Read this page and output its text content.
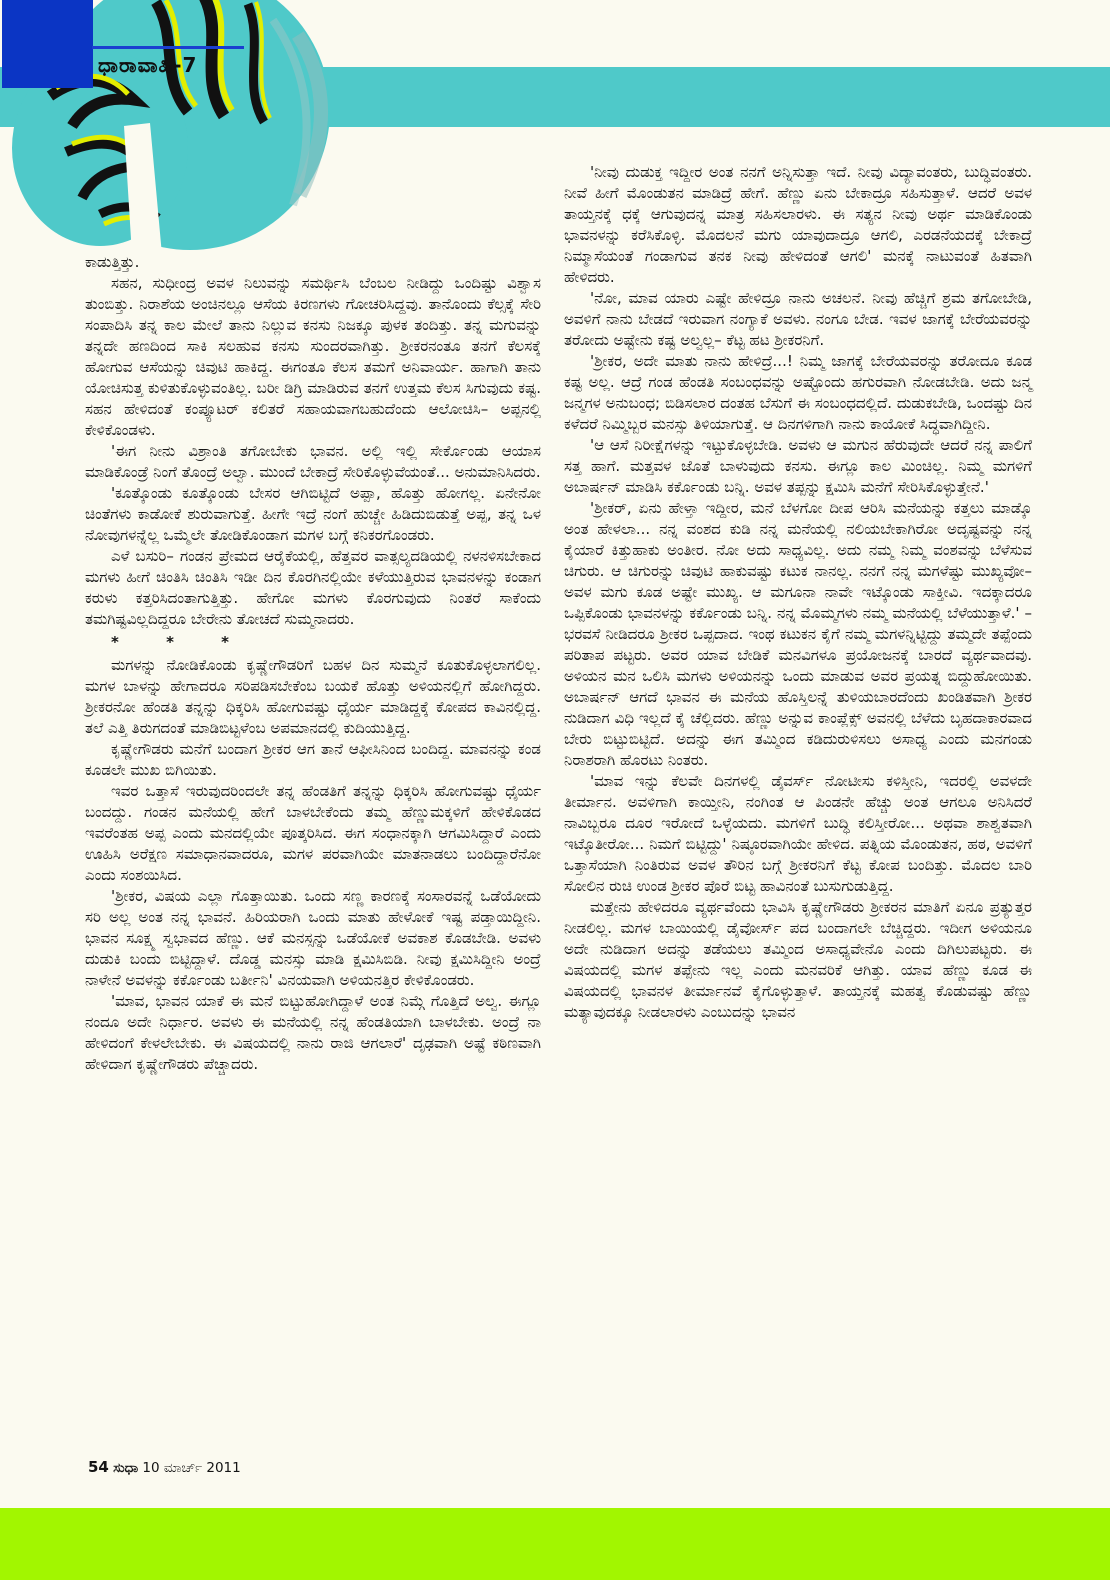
ಧಾರಾವಾಹಿ-7

ಕಾಡುತ್ತಿತ್ತು.

ಸಹನ, ಸುಧೀಂದ್ರ ಅವಳ ನಿಲುವನ್ನು ಸಮರ್ಥಿಸಿ ಬೆಂಬಲ ನೀಡಿದ್ದು ಒಂದಿಷ್ಟು ವಿಶ್ವಾಸ ತುಂಬಿತ್ತು. ನಿರಾಶೆಯ ಅಂಚಿನಲ್ಲೂ ಆಸೆಯ ಕಿರಣಗಳು ಗೋಚರಿಸಿದ್ದವು. ತಾನೊಂದು ಕೆಲ್ಸಕ್ಕೆ ಸೇರಿ ಸಂಪಾದಿಸಿ ತನ್ನ ಕಾಲ ಮೇಲೆ ತಾನು ನಿಲ್ಲುವ ಕನಸು ನಿಜಕ್ಕೂ ಪುಳಕ ತಂದಿತ್ತು. ತನ್ನ ಮಗುವನ್ನು ತನ್ನದೇ ಹಣದಿಂದ ಸಾಕಿ ಸಲಹುವ ಕನಸು ಸುಂದರವಾಗಿತ್ತು. ಶ್ರೀಕರನಂತೂ ತನಗೆ ಕೆಲಸಕ್ಕೆ ಹೋಗುವ ಆಸೆಯನ್ನು ಚಿವುಟಿ ಹಾಕಿದ್ದ. ಈಗಂತೂ ಕೆಲಸ ತಮಗೆ ಅನಿವಾರ್ಯ. ಹಾಗಾಗಿ ತಾನು ಯೋಚಿಸುತ್ತ ಕುಳಿತುಕೊಳ್ಳುವಂತಿಲ್ಲ. ಬರೀ ಡಿಗ್ರಿ ಮಾಡಿರುವ ತನಗೆ ಉತ್ತಮ ಕೆಲಸ ಸಿಗುವುದು ಕಷ್ಟ. ಸಹನ ಹೇಳಿದಂತೆ ಕಂಪ್ಯೂಟರ್ ಕಲಿತರೆ ಸಹಾಯವಾಗಬಹುದೆಂದು ಆಲೋಚಿಸಿ– ಅಪ್ಪನಲ್ಲಿ ಕೇಳಿಕೊಂಡಳು.

'ಈಗ ನೀನು ವಿಶ್ರಾಂತಿ ತಗೋಬೇಕು ಭಾವನ. ಅಲ್ಲಿ ಇಲ್ಲಿ ಸೇರ್ಕೊಂಡು ಆಯಾಸ ಮಾಡಿಕೊಂಡ್ರೆ ನಿಂಗೆ ತೊಂದ್ರೆ ಅಲ್ವಾ. ಮುಂದೆ ಬೇಕಾದ್ರೆ ಸೇರಿಕೊಳ್ಳುವೆಯಂತೆ... ಅನುಮಾನಿಸಿದರು.

'ಕೂತ್ಕೊಂಡು ಕೂತ್ಕೊಂಡು ಬೇಸರ ಆಗಿಬಿಟ್ಟಿದೆ ಅಪ್ಪಾ, ಹೊತ್ತು ಹೋಗಲ್ಲ. ಏನೇನೋ ಚಿಂತೆಗಳು ಕಾಡೋಕೆ ಶುರುವಾಗುತ್ತೆ. ಹೀಗೇ ಇದ್ರೆ ನಂಗೆ ಹುಚ್ಚೇ ಹಿಡಿದುಬಿಡುತ್ತೆ ಅಪ್ಪ, ತನ್ನ ಒಳ ನೋವುಗಳನ್ನೆಲ್ಲ ಒಮ್ಮೆಲೇ ತೋಡಿಕೊಂಡಾಗ ಮಗಳ ಬಗ್ಗೆ ಕನಿಕರಗೊಂಡರು.

ಎಳೆ ಬಸುರಿ– ಗಂಡನ ಪ್ರೇಮದ ಆರೈಕೆಯಲ್ಲಿ, ಹೆತ್ತವರ ವಾತ್ಸಲ್ಯದಡಿಯಲ್ಲಿ ನಳನಳಿಸಬೇಕಾದ ಮಗಳು ಹೀಗೆ ಚಿಂತಿಸಿ ಚಿಂತಿಸಿ ಇಡೀ ದಿನ ಕೊರಗಿನಲ್ಲಿಯೇ ಕಳೆಯುತ್ತಿರುವ ಭಾವನಳನ್ನು ಕಂಡಾಗ ಕರುಳು ಕತ್ತರಿಸಿದಂತಾಗುತ್ತಿತ್ತು. ಹೇಗೋ ಮಗಳು ಕೊರಗುವುದು ನಿಂತರೆ ಸಾಕೆಂದು ತಮಗಿಷ್ಟವಿಲ್ಲದಿದ್ದರೂ ಬೇರೇನು ತೋಚದೆ ಸುಮ್ಮನಾದರು.

* * *

ಮಗಳನ್ನು ನೋಡಿಕೊಂಡು ಕೃಷ್ಣೇಗೌಡರಿಗೆ ಬಹಳ ದಿನ ಸುಮ್ಮನೆ ಕೂತುಕೊಳ್ಳಲಾಗಲಿಲ್ಲ. ಮಗಳ ಬಾಳನ್ನು ಹೇಗಾದರೂ ಸರಿಪಡಿಸಬೇಕೆಂಬ ಬಯಕೆ ಹೊತ್ತು ಅಳಿಯನಲ್ಲಿಗೆ ಹೋಗಿದ್ದರು. ಶ್ರೀಕರನೋ ಹೆಂಡತಿ ತನ್ನನ್ನು ಧಿಕ್ಕರಿಸಿ ಹೋಗುವಷ್ಟು ಧೈರ್ಯ ಮಾಡಿದ್ದಕ್ಕೆ ಕೋಪದ ಕಾವಿನಲ್ಲಿದ್ದ. ತಲೆ ಎತ್ತಿ ತಿರುಗದಂತೆ ಮಾಡಿಬಿಟ್ಟಳೆಂಬ ಅಪಮಾನದಲ್ಲಿ ಕುದಿಯುತ್ತಿದ್ದ.

ಕೃಷ್ಣೇಗೌಡರು ಮನೆಗೆ ಬಂದಾಗ ಶ್ರೀಕರ ಆಗ ತಾನೆ ಆಫೀಸಿನಿಂದ ಬಂದಿದ್ದ. ಮಾವನನ್ನು ಕಂಡ ಕೂಡಲೇ ಮುಖ ಬಿಗಿಯಿತು.

ಇವರ ಒತ್ತಾಸೆ ಇರುವುದರಿಂದಲೇ ತನ್ನ ಹೆಂಡತಿಗೆ ತನ್ನನ್ನು ಧಿಕ್ಕರಿಸಿ ಹೋಗುವಷ್ಟು ಧೈರ್ಯ ಬಂದದ್ದು. ಗಂಡನ ಮನೆಯಲ್ಲಿ ಹೇಗೆ ಬಾಳಬೇಕೆಂದು ತಮ್ಮ ಹೆಣ್ಣುಮಕ್ಕಳಿಗೆ ಹೇಳಿಕೊಡದ ಇವರೆಂತಹ ಅಪ್ಪ ಎಂದು ಮನದಲ್ಲಿಯೇ ಪೂತ್ಕರಿಸಿದ. ಈಗ ಸಂಧಾನಕ್ಕಾಗಿ ಆಗಮಿಸಿದ್ದಾರೆ ಎಂದು ಊಹಿಸಿ ಅರೆಕ್ಷಣ ಸಮಾಧಾನವಾದರೂ, ಮಗಳ ಪರವಾಗಿಯೇ ಮಾತನಾಡಲು ಬಂದಿದ್ದಾರೆನೋ ಎಂದು ಸಂಶಯಿಸಿದ.

'ಶ್ರೀಕರ, ವಿಷಯ ಎಲ್ಲಾ ಗೊತ್ತಾಯಿತು. ಒಂದು ಸಣ್ಣ ಕಾರಣಕ್ಕೆ ಸಂಸಾರವನ್ನೆ ಒಡೆಯೋದು ಸರಿ ಅಲ್ಲ ಅಂತ ನನ್ನ ಭಾವನೆ. ಹಿರಿಯರಾಗಿ ಒಂದು ಮಾತು ಹೇಳೋಕೆ ಇಷ್ಟ ಪಡ್ತಾಯಿದ್ದೀನಿ. ಭಾವನ ಸೂಕ್ಷ್ಮ ಸ್ವಭಾವದ ಹೆಣ್ಣು. ಆಕೆ ಮನಸ್ಸನ್ನು ಒಡೆಯೋಕೆ ಅವಕಾಶ ಕೊಡಬೇಡಿ. ಅವಳು ದುಡುಕಿ ಬಂದು ಬಿಟ್ಟಿದ್ದಾಳೆ. ದೊಡ್ಡ ಮನಸ್ಸು ಮಾಡಿ ಕ್ಷಮಿಸಿಬಿಡಿ. ನೀವು ಕ್ಷಮಿಸಿದ್ದೀನಿ ಅಂದ್ರೆ ನಾಳೇನೆ ಅವಳನ್ನು ಕರ್ಕೊಂಡು ಬರ್ತೀನಿ' ವಿನಯವಾಗಿ ಅಳಿಯನತ್ತಿರ ಕೇಳಿಕೊಂಡರು.

'ಮಾವ, ಭಾವನ ಯಾಕೆ ಈ ಮನೆ ಬಿಟ್ಟುಹೋಗಿದ್ದಾಳೆ ಅಂತ ನಿಮ್ಗೆ ಗೊತ್ತಿದೆ ಅಲ್ವ. ಈಗ್ಲೂ ನಂದೂ ಅದೇ ನಿರ್ಧಾರ. ಅವಳು ಈ ಮನೆಯಲ್ಲಿ ನನ್ನ ಹೆಂಡತಿಯಾಗಿ ಬಾಳಬೇಕು. ಅಂದ್ರೆ ನಾ ಹೇಳಿದಂಗೆ ಕೇಳಲೇಬೇಕು. ಈ ವಿಷಯದಲ್ಲಿ ನಾನು ರಾಜಿ ಆಗಲಾರೆ' ದೃಢವಾಗಿ ಅಷ್ಟೆ ಕಠಿಣವಾಗಿ ಹೇಳಿದಾಗ ಕೃಷ್ಣೇಗೌಡರು ಪೆಚ್ಚಾದರು.

'ನೀವು ದುಡುಕ್ತ ಇದ್ದೀರ ಅಂತ ನನಗೆ ಅನ್ನಿಸುತ್ತಾ ಇದೆ. ನೀವು ವಿದ್ಯಾವಂತರು, ಬುದ್ಧಿವಂತರು. ನೀವೆ ಹೀಗೆ ಮೊಂಡುತನ ಮಾಡಿದ್ರೆ ಹೇಗೆ. ಹೆಣ್ಣು ಏನು ಬೇಕಾದ್ರೂ ಸಹಿಸುತ್ತಾಳೆ. ಆದರೆ ಅವಳ ತಾಯ್ತನಕ್ಕೆ ಧಕ್ಕೆ ಆಗುವುದನ್ನ ಮಾತ್ರ ಸಹಿಸಲಾರಳು. ಈ ಸತ್ಯನ ನೀವು ಅರ್ಥ ಮಾಡಿಕೊಂಡು ಭಾವನಳನ್ನು ಕರೆಸಿಕೊಳ್ಳಿ. ಮೊದಲನೆ ಮಗು ಯಾವುದಾದ್ರೂ ಆಗಲಿ, ಎರಡನೆಯದಕ್ಕೆ ಬೇಕಾದ್ರೆ ನಿಮ್ಮಾಸೆಯಂತೆ ಗಂಡಾಗುವ ತನಕ ನೀವು ಹೇಳಿದಂತೆ ಆಗಲಿ' ಮನಕ್ಕೆ ನಾಟುವಂತೆ ಹಿತವಾಗಿ ಹೇಳಿದರು.

'ನೋ, ಮಾವ ಯಾರು ಎಷ್ಟೇ ಹೇಳಿದ್ರೂ ನಾನು ಅಚಲನೆ. ನೀವು ಹೆಚ್ಚಿಗೆ ಶ್ರಮ ತಗೋಬೇಡಿ, ಅವಳಿಗೆ ನಾನು ಬೇಡದೆ ಇರುವಾಗ ನಂಗ್ಯಾಕೆ ಅವಳು. ನಂಗೂ ಬೇಡ. ಇವಳ ಜಾಗಕ್ಕೆ ಬೇರೆಯವರನ್ನು ತರೋದು ಅಷ್ಟೇನು ಕಷ್ಟ ಅಲ್ವಲ್ಲ– ಕೆಟ್ಟ ಹಟ ಶ್ರೀಕರನಿಗೆ.

'ಶ್ರೀಕರ, ಅದೇ ಮಾತು ನಾನು ಹೇಳಿದ್ರೆ...! ನಿಮ್ಮ ಜಾಗಕ್ಕೆ ಬೇರೆಯವರನ್ನು ತರೋದೂ ಕೂಡ ಕಷ್ಟ ಅಲ್ಲ. ಆದ್ರೆ ಗಂಡ ಹೆಂಡತಿ ಸಂಬಂಧವನ್ನು ಅಷ್ಟೊಂದು ಹಗುರವಾಗಿ ನೋಡಬೇಡಿ. ಅದು ಜನ್ಮ ಜನ್ಮಗಳ ಅನುಬಂಧ; ಬಿಡಿಸಲಾರ ದಂತಹ ಬೆಸುಗೆ ಈ ಸಂಬಂಧದಲ್ಲಿದೆ. ದುಡುಕಬೇಡಿ, ಒಂದಷ್ಟು ದಿನ ಕಳೆದರೆ ನಿಮ್ಮಿಬ್ಬರ ಮನಸ್ಸು ತಿಳಿಯಾಗುತ್ತೆ. ಆ ದಿನಗಳಿಗಾಗಿ ನಾನು ಕಾಯೋಕೆ ಸಿದ್ಧವಾಗಿದ್ದೀನಿ.

'ಆ ಆಸೆ ನಿರೀಕ್ಷೆಗಳನ್ನು ಇಟ್ಟುಕೊಳ್ಳಬೇಡಿ. ಅವಳು ಆ ಮಗುನ ಹೆರುವುದೇ ಆದರೆ ನನ್ನ ಪಾಲಿಗೆ ಸತ್ತ ಹಾಗೆ. ಮತ್ತವಳ ಜೊತೆ ಬಾಳುವುದು ಕನಸು. ಈಗ್ಲೂ ಕಾಲ ಮಿಂಚಿಲ್ಲ. ನಿಮ್ಮ ಮಗಳಿಗೆ ಅಬಾರ್ಷನ್ ಮಾಡಿಸಿ ಕರ್ಕೊಂಡು ಬನ್ನಿ. ಅವಳ ತಪ್ಪನ್ನು ಕ್ಷಮಿಸಿ ಮನೆಗೆ ಸೇರಿಸಿಕೊಳ್ಳುತ್ತೇನೆ.'

'ಶ್ರೀಕರ್, ಏನು ಹೇಳ್ತಾ ಇದ್ದೀರ, ಮನೆ ಬೆಳಗೋ ದೀಪ ಆರಿಸಿ ಮನೆಯನ್ನು ಕತ್ತಲು ಮಾಡ್ಕೊ ಅಂತ ಹೇಳಲಾ... ನನ್ನ ವಂಶದ ಕುಡಿ ನನ್ನ ಮನೆಯಲ್ಲಿ ನಲಿಯಬೇಕಾಗಿರೋ ಅದೃಷ್ಟವನ್ನು ನನ್ನ ಕೈಯಾರೆ ಕಿತ್ತುಹಾಕು ಅಂತೀರ. ನೋ ಅದು ಸಾಧ್ಯವಿಲ್ಲ. ಅದು ನಮ್ಮ ನಿಮ್ಮ ವಂಶವನ್ನು ಬೆಳೆಸುವ ಚಿಗುರು. ಆ ಚಿಗುರನ್ನು ಚಿವುಟಿ ಹಾಕುವಷ್ಟು ಕಟುಕ ನಾನಲ್ಲ. ನನಗೆ ನನ್ನ ಮಗಳೆಷ್ಟು ಮುಖ್ಯವೋ– ಅವಳ ಮಗು ಕೂಡ ಅಷ್ಟೇ ಮುಖ್ಯ. ಆ ಮಗೂನಾ ನಾವೇ ಇಟ್ಕೊಂಡು ಸಾಕ್ತೀವಿ. ಇದಕ್ಕಾದರೂ ಒಪ್ಪಿಕೊಂಡು ಭಾವನಳನ್ನು ಕರ್ಕೊಂಡು ಬನ್ನಿ. ನನ್ನ ಮೊಮ್ಮಗಳು ನಮ್ಮ ಮನೆಯಲ್ಲಿ ಬೆಳೆಯುತ್ತಾಳೆ.' –ಭರವಸೆ ನೀಡಿದರೂ ಶ್ರೀಕರ ಒಪ್ಪದಾದ. ಇಂಥ ಕಟುಕನ ಕೈಗೆ ನಮ್ಮ ಮಗಳನ್ನಿಟ್ಟಿದ್ದು ತಮ್ಮದೇ ತಪ್ಪೆಂದು ಪರಿತಾಪ ಪಟ್ಟರು. ಅವರ ಯಾವ ಬೇಡಿಕೆ ಮನವಿಗಳೂ ಪ್ರಯೋಜನಕ್ಕೆ ಬಾರದೆ ವ್ಯರ್ಥವಾದವು. ಅಳಿಯನ ಮನ ಒಲಿಸಿ ಮಗಳು ಅಳಿಯನನ್ನು ಒಂದು ಮಾಡುವ ಅವರ ಪ್ರಯತ್ನ ಬಿದ್ದುಹೋಯಿತು. ಅಬಾರ್ಷನ್ ಆಗದೆ ಭಾವನ ಈ ಮನೆಯ ಹೊಸ್ತಿಲನ್ನೆ ತುಳಿಯಬಾರದೆಂದು ಖಂಡಿತವಾಗಿ ಶ್ರೀಕರ ನುಡಿದಾಗ ವಿಧಿ ಇಲ್ಲದೆ ಕೈ ಚೆಲ್ಲಿದರು. ಹೆಣ್ಣು ಅನ್ನುವ ಕಾಂಪ್ಲೆಕ್ಸ್ ಅವನಲ್ಲಿ ಬೆಳೆದು ಬೃಹದಾಕಾರವಾದ ಬೇರು ಬಿಟ್ಟುಬಿಟ್ಟಿದೆ. ಅದನ್ನು ಈಗ ತಮ್ಮಿಂದ ಕಡಿದುರುಳಿಸಲು ಅಸಾಧ್ಯ ಎಂದು ಮನಗಂಡು ನಿರಾಶರಾಗಿ ಹೊರಟು ನಿಂತರು.

'ಮಾವ ಇನ್ನು ಕೆಲವೇ ದಿನಗಳಲ್ಲಿ ಡೈವರ್ಸ್ ನೋಟೀಸು ಕಳಿಸ್ತೀನಿ, ಇದರಲ್ಲಿ ಅವಳದೇ ತೀರ್ಮಾನ. ಅವಳಿಗಾಗಿ ಕಾಯ್ತೀನಿ, ನಂಗಿಂತ ಆ ಪಿಂಡನೇ ಹೆಚ್ಚು ಅಂತ ಆಗಲೂ ಅನಿಸಿದರೆ ನಾವಿಬ್ಬರೂ ದೂರ ಇರೋದೆ ಒಳ್ಳೆಯದು. ಮಗಳಿಗೆ ಬುದ್ಧಿ ಕಲಿಸ್ತೀರೋ... ಅಥವಾ ಶಾಶ್ವತವಾಗಿ ಇಟ್ಕೊತೀರೋ... ನಿಮಗೆ ಬಿಟ್ಟಿದ್ದು' ನಿಷ್ಠೂರವಾಗಿಯೇ ಹೇಳಿದ. ಪತ್ನಿಯ ಮೊಂಡುತನ, ಹಠ, ಅವಳಿಗೆ ಒತ್ತಾಸೆಯಾಗಿ ನಿಂತಿರುವ ಅವಳ ತೌರಿನ ಬಗ್ಗೆ ಶ್ರೀಕರನಿಗೆ ಕೆಟ್ಟ ಕೋಪ ಬಂದಿತ್ತು. ಮೊದಲ ಬಾರಿ ಸೋಲಿನ ರುಚಿ ಉಂಡ ಶ್ರೀಕರ ಪೊರೆ ಬಿಟ್ಟ ಹಾವಿನಂತೆ ಬುಸುಗುಡುತ್ತಿದ್ದ.

ಮತ್ತೇನು ಹೇಳಿದರೂ ವ್ಯರ್ಥವೆಂದು ಭಾವಿಸಿ ಕೃಷ್ಣೇಗೌಡರು ಶ್ರೀಕರನ ಮಾತಿಗೆ ಏನೂ ಪ್ರತ್ಯುತ್ತರ ನೀಡಲಿಲ್ಲ. ಮಗಳ ಬಾಯಿಯಲ್ಲಿ ಡೈವೋರ್ಸ್ ಪದ ಬಂದಾಗಲೇ ಬೆಚ್ಚಿದ್ದರು. ಇದೀಗ ಅಳಿಯನೂ ಅದೇ ನುಡಿದಾಗ ಅದನ್ನು ತಡೆಯಲು ತಮ್ಮಿಂದ ಅಸಾಧ್ಯವೇನೊ ಎಂದು ದಿಗಿಲುಪಟ್ಟರು. ಈ ವಿಷಯದಲ್ಲಿ ಮಗಳ ತಪ್ಪೇನು ಇಲ್ಲ ಎಂದು ಮನವರಿಕೆ ಆಗಿತ್ತು. ಯಾವ ಹೆಣ್ಣು ಕೂಡ ಈ ವಿಷಯದಲ್ಲಿ ಭಾವನಳ ತೀರ್ಮಾನವೆ ಕೈಗೊಳ್ಳುತ್ತಾಳೆ. ತಾಯ್ತನಕ್ಕೆ ಮಹತ್ವ ಕೊಡುವಷ್ಟು ಹೆಣ್ಣು ಮತ್ಯಾವುದಕ್ಕೂ ನೀಡಲಾರಳು ಎಂಬುದನ್ನು ಭಾವನ

54 ಸುಧಾ 10 ಮಾರ್ಚ್ 2011
